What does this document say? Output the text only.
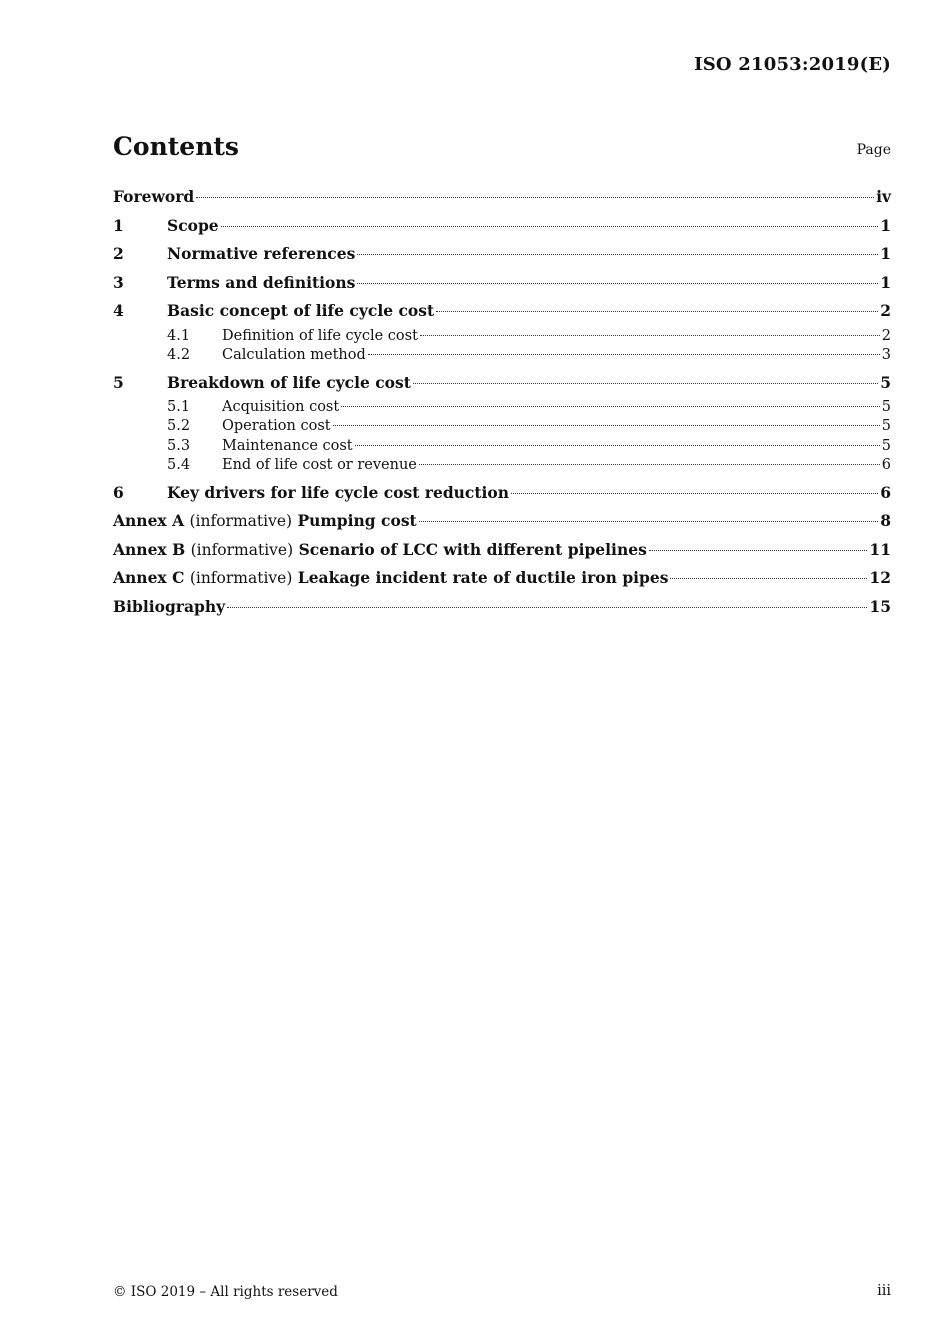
ISO 21053:2019(E)
Contents	Page
Foreword	iv
1	Scope	1
2	Normative references	1
3	Terms and definitions	1
4	Basic concept of life cycle cost	2
4.1	Definition of life cycle cost	2
4.2	Calculation method	3
5	Breakdown of life cycle cost	5
5.1	Acquisition cost	5
5.2	Operation cost	5
5.3	Maintenance cost	5
5.4	End of life cost or revenue	6
6	Key drivers for life cycle cost reduction	6
Annex A (informative) Pumping cost	8
Annex B (informative) Scenario of LCC with different pipelines	11
Annex C (informative) Leakage incident rate of ductile iron pipes	12
Bibliography	15
© ISO 2019 – All rights reserved	iii
